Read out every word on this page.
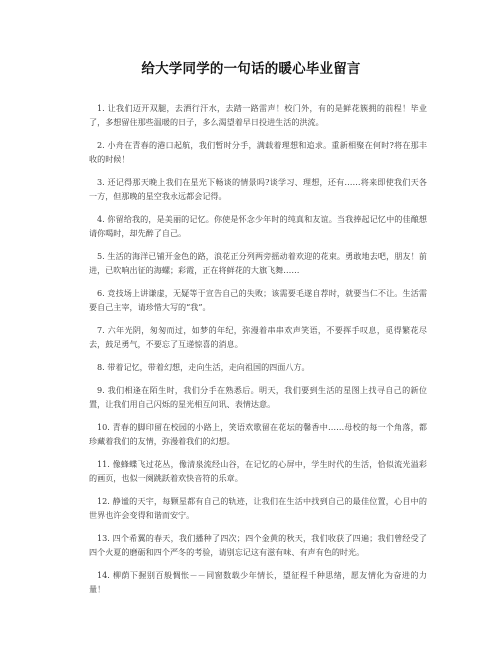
给大学同学的一句话的暖心毕业留言
1. 让我们迈开双腿，去洒行汗水，去踏一路雷声！校门外，有的是鲜花簇拥的前程！毕业了，多想留住那些温暖的日子，多么渴望着早日投进生活的洪流。
2. 小舟在青春的港口起航，我们暂时分手，满载着理想和追求。重新相聚在何时?将在那丰收的时候！
3. 还记得那天晚上我们在星光下畅谈的情景吗?谈学习、理想，还有……将来即使我们天各一方，但那晚的星空我永远都会记得。
4. 你留给我的，是美丽的记忆。你使是怀念少年时的纯真和友谊。当我捧起记忆中的佳酿想请你喝时，却先醉了自己。
5. 生活的海洋已铺开金色的路，浪花正分列两旁摇动着欢迎的花束。勇敢地去吧，朋友！前进，已吹响出征的海螺；彩霞，正在将鲜花的大旗飞舞……
6. 竞技场上讲谦虚，无疑等于宣告自己的失败；该需要毛遂自荐时，就要当仁不让。生活需要自己主宰，请珍惜大写的“我”。
7. 六年光阴，匆匆而过，如梦的年纪，弥漫着串串欢声笑语，不要挥手叹息，觅得繁花尽去，鼓足勇气，不要忘了互递惊喜的消息。
8. 带着记忆，带着幻想，走向生活，走向祖国的四面八方。
9. 我们相逢在陌生时，我们分手在熟悉后。明天，我们要到生活的星图上找寻自己的新位置，让我们用自己闪烁的星光相互问讯、表情达意。
10. 青春的脚印留在校园的小路上，笑语欢歌留在花坛的馨香中……母校的每一个角落，都珍藏着我们的友情，弥漫着我们的幻想。
11. 像蜂蝶飞过花丛，像清泉流经山谷，在记忆的心屏中，学生时代的生活，恰似流光溢彩的画页，也似一阕跳跃着欢快音符的乐章。
12. 静谧的天宇，每颗星都有自己的轨迹，让我们在生活中找到自己的最佳位置，心目中的世界也许会变得和谐而安宁。
13. 四个希翼的春天，我们播种了四次；四个金黄的秋天，我们收获了四遍；我们曾经受了四个火夏的磨砺和四个严冬的考验，请别忘记这有滋有味、有声有色的时光。
14. 柳荫下握别百般惆怅－－同窗数载少年情长，望征程千种思绪，愿友情化为奋进的力量！
